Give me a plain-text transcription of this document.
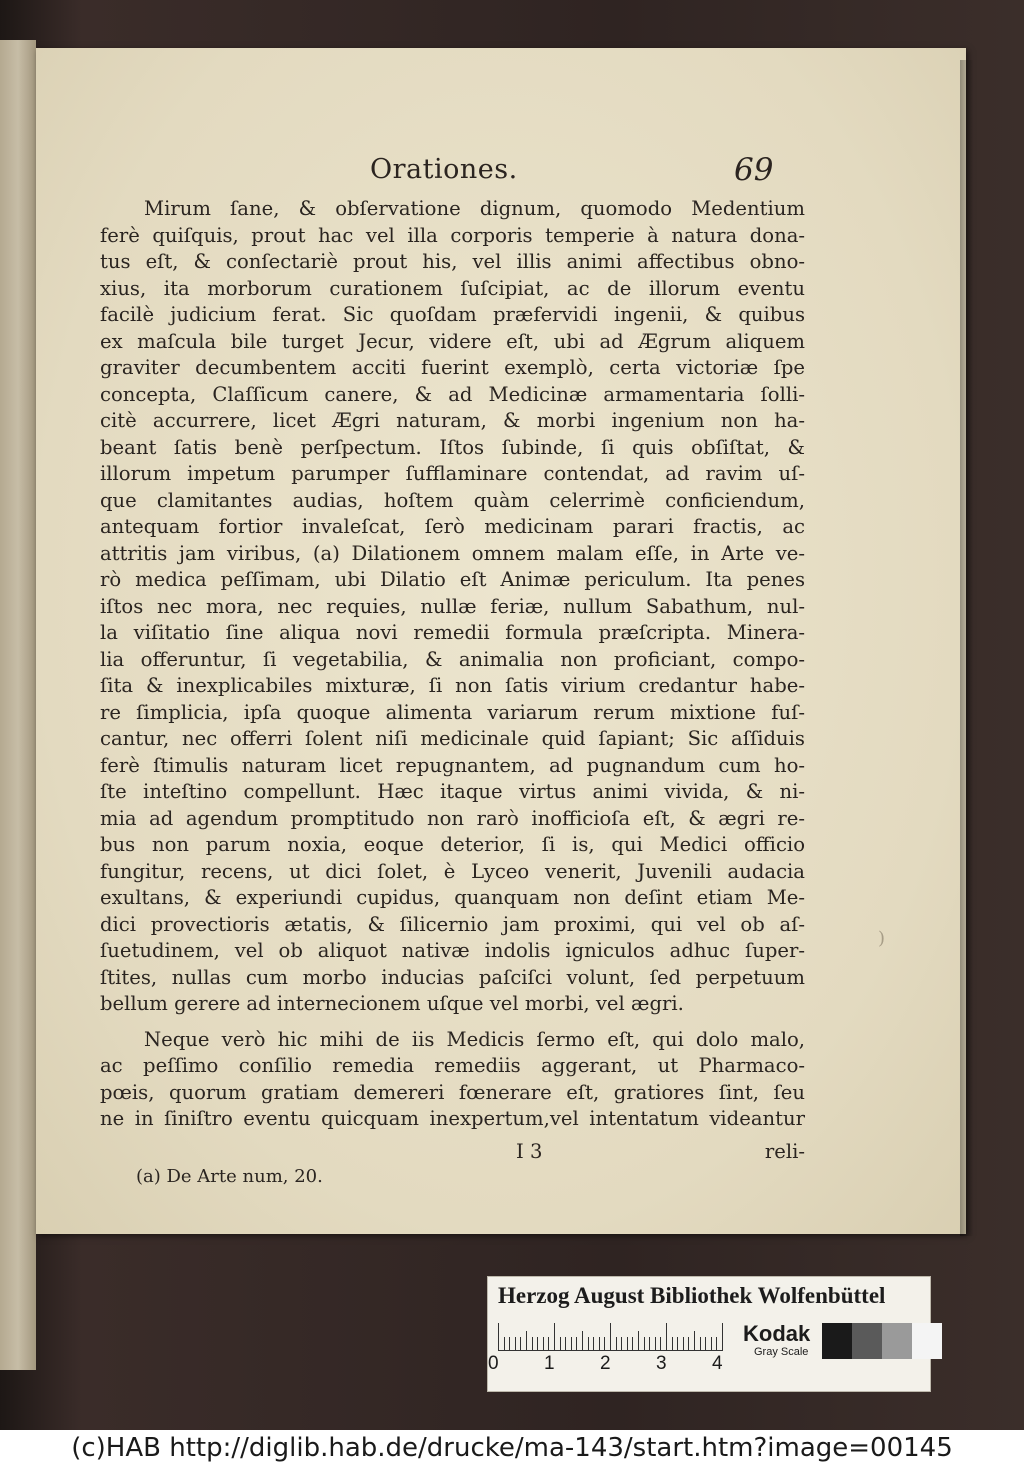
Orationes.	69
Mirum ſane, & obſervatione dignum, quomodo Medentium
ferè quiſquis, prout hac vel illa corporis temperie à natura dona-
tus eſt, & conſectariè prout his, vel illis animi affectibus obno-
xius, ita morborum curationem ſuſcipiat, ac de illorum eventu
facilè judicium ferat. Sic quoſdam præfervidi ingenii, & quibus
ex maſcula bile turget Jecur, videre eſt, ubi ad Ægrum aliquem
graviter decumbentem acciti fuerint exemplò, certa victoriæ ſpe
concepta, Claſſicum canere, & ad Medicinæ armamentaria ſolli-
citè accurrere, licet Ægri naturam, & morbi ingenium non ha-
beant ſatis benè perſpectum. Iſtos ſubinde, ſi quis obſiſtat, &
illorum impetum parumper ſufflaminare contendat, ad ravim uſ-
que clamitantes audias, hoſtem quàm celerrimè conficiendum,
antequam fortior invaleſcat, ſerò medicinam parari fractis, ac
attritis jam viribus, (a) Dilationem omnem malam eſſe, in Arte ve-
rò medica peſſimam, ubi Dilatio eſt Animæ periculum. Ita penes
iſtos nec mora, nec requies, nullæ feriæ, nullum Sabathum, nul-
la viſitatio ſine aliqua novi remedii formula præſcripta. Minera-
lia offeruntur, ſi vegetabilia, & animalia non proficiant, compo-
ſita & inexplicabiles mixturæ, ſi non ſatis virium credantur habe-
re ſimplicia, ipſa quoque alimenta variarum rerum mixtione fuſ-
cantur, nec offerri ſolent niſi medicinale quid ſapiant; Sic aſſiduis
ferè ſtimulis naturam licet repugnantem, ad pugnandum cum ho-
ſte inteſtino compellunt. Hæc itaque virtus animi vivida, & ni-
mia ad agendum promptitudo non rarò inofficioſa eſt, & ægri re-
bus non parum noxia, eoque deterior, ſi is, qui Medici officio
fungitur, recens, ut dici ſolet, è Lyceo venerit, Juvenili audacia
exultans, & experiundi cupidus, quanquam non deſint etiam Me-
dici provectioris ætatis, & ſilicernio jam proximi, qui vel ob aſ-
ſuetudinem, vel ob aliquot nativæ indolis igniculos adhuc ſuper-
ſtites, nullas cum morbo inducias paſciſci volunt, ſed perpetuum
bellum gerere ad internecionem uſque vel morbi, vel ægri.
Neque verò hic mihi de iis Medicis ſermo eſt, qui dolo malo,
ac peſſimo conſilio remedia remediis aggerant, ut Pharmaco-
pœis, quorum gratiam demereri fœnerare eſt, gratiores ſint, ſeu
ne in ſiniſtro eventu quicquam inexpertum,vel intentatum videantur
I 3	reli-
(a) De Arte num, 20.
)
Herzog August Bibliothek Wolfenbüttel
0 1 2 3 4
Kodak
Gray Scale
(c)HAB http://diglib.hab.de/drucke/ma-143/start.htm?image=00145
